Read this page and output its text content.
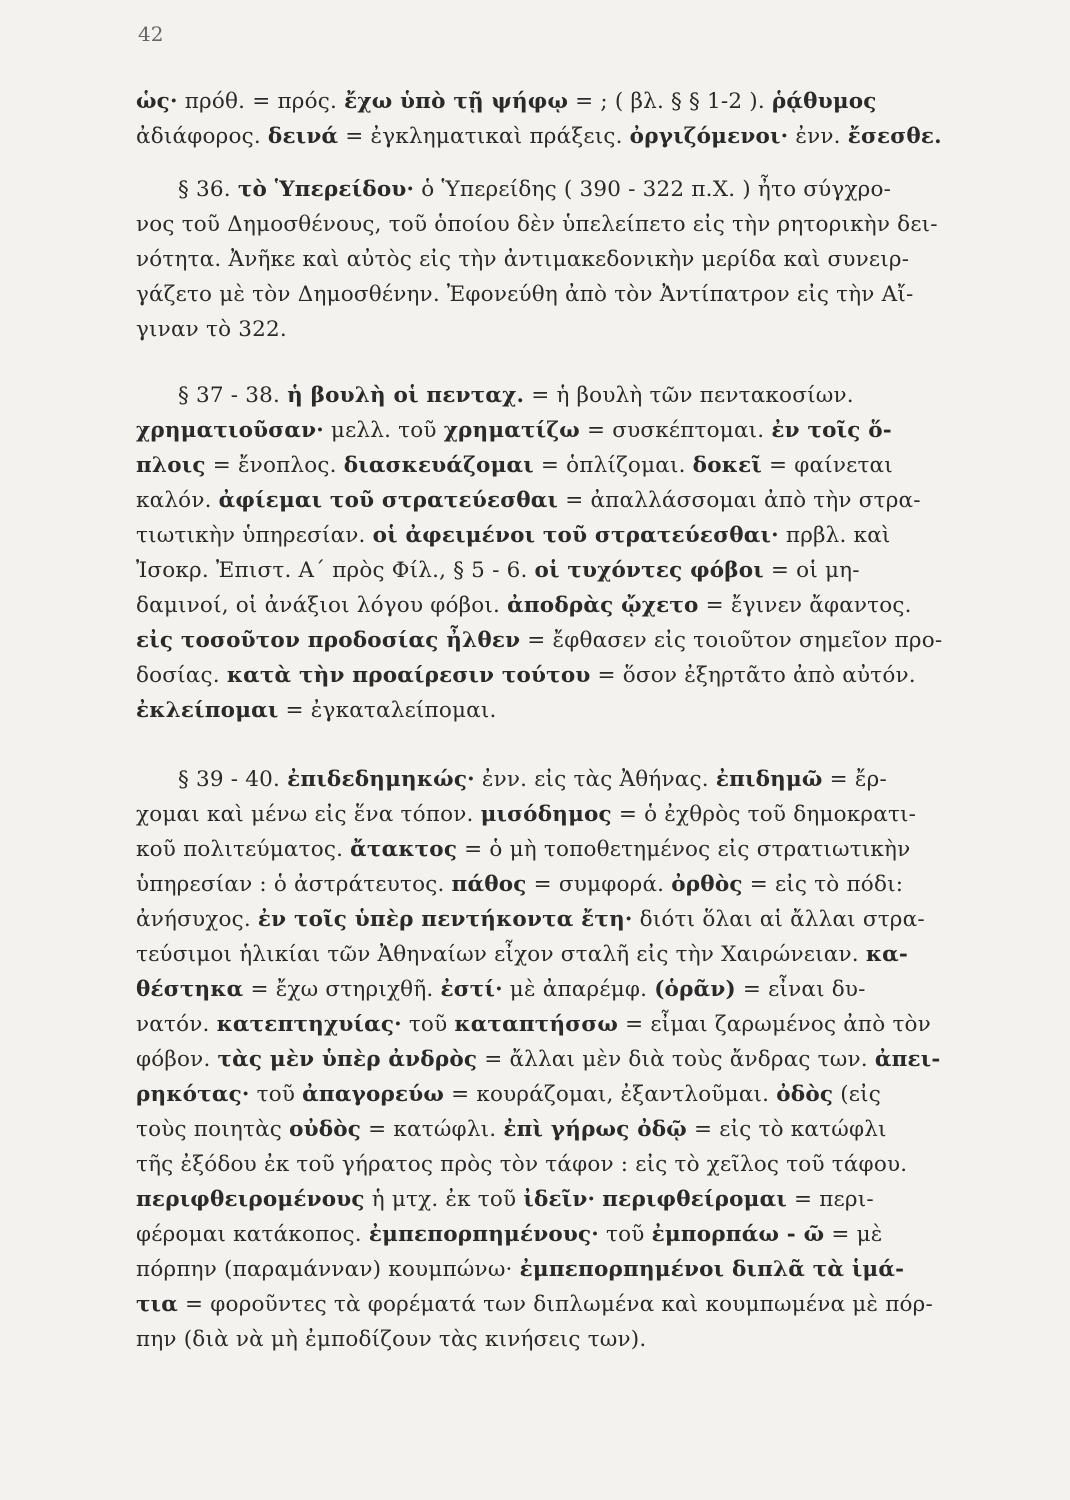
42
ὡς· πρόθ. = πρός. ἔχω ὑπὸ τῇ ψήφῳ = ; ( βλ. § § 1-2 ). ῥᾴθυμος
ἀδιάφορος. δεινά = ἐγκληματικαὶ πράξεις. ὀργιζόμενοι· ἐνν. ἔσεσθε.
§ 36. τὸ Ὑπερείδου· ὁ Ὑπερείδης ( 390 - 322 π.Χ. ) ἦτο σύγχρο-
νος τοῦ Δημοσθένους, τοῦ ὁποίου δὲν ὑπελείπετο εἰς τὴν ρητορικὴν δει-
νότητα. Ἀνῆκε καὶ αὐτὸς εἰς τὴν ἀντιμακεδονικὴν μερίδα καὶ συνειρ-
γάζετο μὲ τὸν Δημοσθένην. Ἐφονεύθη ἀπὸ τὸν Ἀντίπατρον εἰς τὴν Αἴ-
γιναν τὸ 322.
§ 37 - 38. ἡ βουλὴ οἱ πενταχ. = ἡ βουλὴ τῶν πεντακοσίων.
χρηματιοῦσαν· μελλ. τοῦ χρηματίζω = συσκέπτομαι. ἐν τοῖς ὅ-
πλοις = ἔνοπλος. διασκευάζομαι = ὁπλίζομαι. δοκεῖ = φαίνεται
καλόν. ἀφίεμαι τοῦ στρατεύεσθαι = ἀπαλλάσσομαι ἀπὸ τὴν στρα-
τιωτικὴν ὑπηρεσίαν. οἱ ἀφειμένοι τοῦ στρατεύεσθαι· πρβλ. καὶ
Ἰσοκρ. Ἐπιστ. Α΄ πρὸς Φίλ., § 5 - 6. οἱ τυχόντες φόβοι = οἱ μη-
δαμινοί, οἱ ἀνάξιοι λόγου φόβοι. ἀποδρὰς ᾤχετο = ἔγινεν ἄφαντος.
εἰς τοσοῦτον προδοσίας ἦλθεν = ἔφθασεν εἰς τοιοῦτον σημεῖον προ-
δοσίας. κατὰ τὴν προαίρεσιν τούτου = ὅσον ἐξηρτᾶτο ἀπὸ αὐτόν.
ἐκλείπομαι = ἐγκαταλείπομαι.
§ 39 - 40. ἐπιδεδημηκώς· ἐνν. εἰς τὰς Ἀθήνας. ἐπιδημῶ = ἔρ-
χομαι καὶ μένω εἰς ἕνα τόπον. μισόδημος = ὁ ἐχθρὸς τοῦ δημοκρατι-
κοῦ πολιτεύματος. ἄτακτος = ὁ μὴ τοποθετημένος εἰς στρατιωτικὴν
ὑπηρεσίαν : ὁ ἀστράτευτος. πάθος = συμφορά. ὀρθὸς = εἰς τὸ πόδι:
ἀνήσυχος. ἐν τοῖς ὑπὲρ πεντήκοντα ἔτη· διότι ὅλαι αἱ ἄλλαι στρα-
τεύσιμοι ἡλικίαι τῶν Ἀθηναίων εἶχον σταλῆ εἰς τὴν Χαιρώνειαν. κα-
θέστηκα = ἔχω στηριχθῆ. ἐστί· μὲ ἀπαρέμφ. (ὁρᾶν) = εἶναι δυ-
νατόν. κατεπτηχυίας· τοῦ καταπτήσσω = εἶμαι ζαρωμένος ἀπὸ τὸν
φόβον. τὰς μὲν ὑπὲρ ἀνδρὸς = ἄλλαι μὲν διὰ τοὺς ἄνδρας των. ἀπει-
ρηκότας· τοῦ ἀπαγορεύω = κουράζομαι, ἐξαντλοῦμαι. ὀδὸς (εἰς
τοὺς ποιητὰς οὐδὸς = κατώφλι. ἐπὶ γήρως ὀδῷ = εἰς τὸ κατώφλι
τῆς ἐξόδου ἐκ τοῦ γήρατος πρὸς τὸν τάφον : εἰς τὸ χεῖλος τοῦ τάφου.
περιφθειρομένους ἡ μτχ. ἐκ τοῦ ἰδεῖν· περιφθείρομαι = περι-
φέρομαι κατάκοπος. ἐμπεπορπημένους· τοῦ ἐμπορπάω - ῶ = μὲ
πόρπην (παραμάνναν) κουμπώνω· ἐμπεπορπημένοι διπλᾶ τὰ ἱμά-
τια = φοροῦντες τὰ φορέματά των διπλωμένα καὶ κουμπωμένα μὲ πόρ-
πην (διὰ νὰ μὴ ἐμποδίζουν τὰς κινήσεις των).
